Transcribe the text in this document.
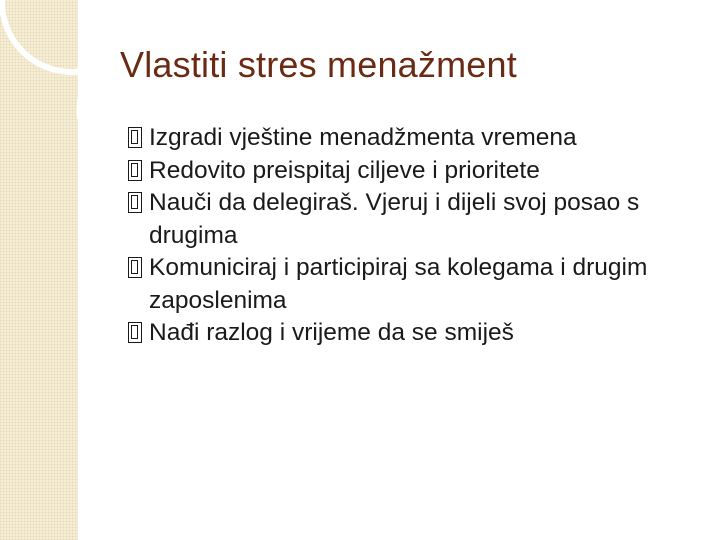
Vlastiti stres menažment
Izgradi vještine menadžmenta vremena
Redovito preispitaj ciljeve i prioritete
Nauči da delegiraš. Vjeruj i dijeli svoj posao s drugima
Komuniciraj i participiraj sa kolegama i drugim zaposlenima
Nađi razlog i vrijeme da se smiješ
